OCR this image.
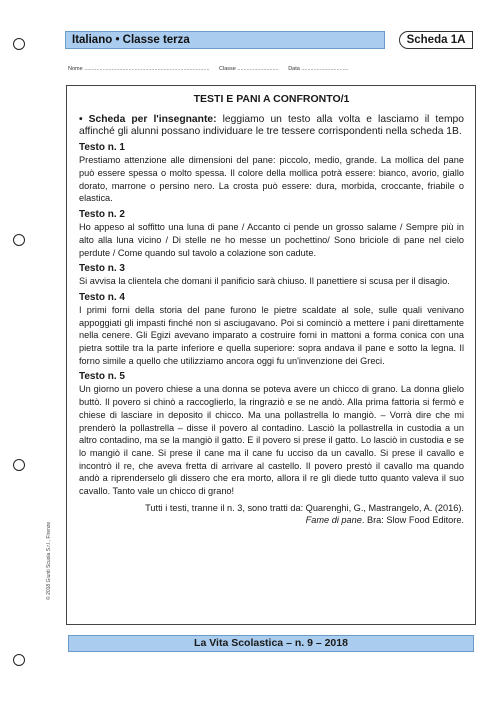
Italiano • Classe terza	Scheda 1A
Nome .................................................................................. Classe ........................... Data ...............................
TESTI E PANI A CONFRONTO/1

• Scheda per l'insegnante: leggiamo un testo alla volta e lasciamo il tempo affinché gli alunni possano individuare le tre tessere corrispondenti nella scheda 1B.

Testo n. 1

Prestiamo attenzione alle dimensioni del pane: piccolo, medio, grande. La mollica del pane può essere spessa o molto spessa. Il colore della mollica potrà essere: bianco, avorio, giallo dorato, marrone o persino nero. La crosta può essere: dura, morbida, croccante, friabile o elastica.

Testo n. 2

Ho appeso al soffitto una luna di pane / Accanto ci pende un grosso salame / Sempre più in alto alla luna vicino / Di stelle ne ho messe un pochettino/ Sono briciole di pane nel cielo perdute / Come quando sul tavolo a colazione son cadute.

Testo n. 3

Si avvisa la clientela che domani il panificio sarà chiuso. Il panettiere si scusa per il disagio.

Testo n. 4

I primi forni della storia del pane furono le pietre scaldate al sole, sulle quali venivano appoggiati gli impasti finché non si asciugavano. Poi si cominciò a mettere i pani direttamente nella cenere. Gli Egizi avevano imparato a costruire forni in mattoni a forma conica con una pietra sottile tra la parte inferiore e quella superiore: sopra andava il pane e sotto la legna. Il forno simile a quello che utilizziamo ancora oggi fu un'invenzione dei Greci.

Testo n. 5

Un giorno un povero chiese a una donna se poteva avere un chicco di grano. La donna glielo buttò. Il povero si chinò a raccoglierlo, la ringraziò e se ne andò. Alla prima fattoria si fermò e chiese di lasciare in deposito il chicco. Ma una pollastrella lo mangiò. – Vorrà dire che mi prenderò la pollastrella – disse il povero al contadino. Lasciò la pollastrella in custodia a un altro contadino, ma se la mangiò il gatto. E il povero si prese il gatto. Lo lasciò in custodia e se lo mangiò il cane. Si prese il cane ma il cane fu ucciso da un cavallo. Si prese il cavallo e incontrò il re, che aveva fretta di arrivare al castello. Il povero prestò il cavallo ma quando andò a riprenderselo gli dissero che era morto, allora il re gli diede tutto quanto valeva il suo cavallo. Tanto vale un chicco di grano!

Tutti i testi, tranne il n. 3, sono tratti da: Quarenghi, G., Mastrangelo, A. (2016).
Fame di pane. Bra: Slow Food Editore.
© 2018 Giunti Scuola S.r.l., Firenze
La Vita Scolastica – n. 9 – 2018
